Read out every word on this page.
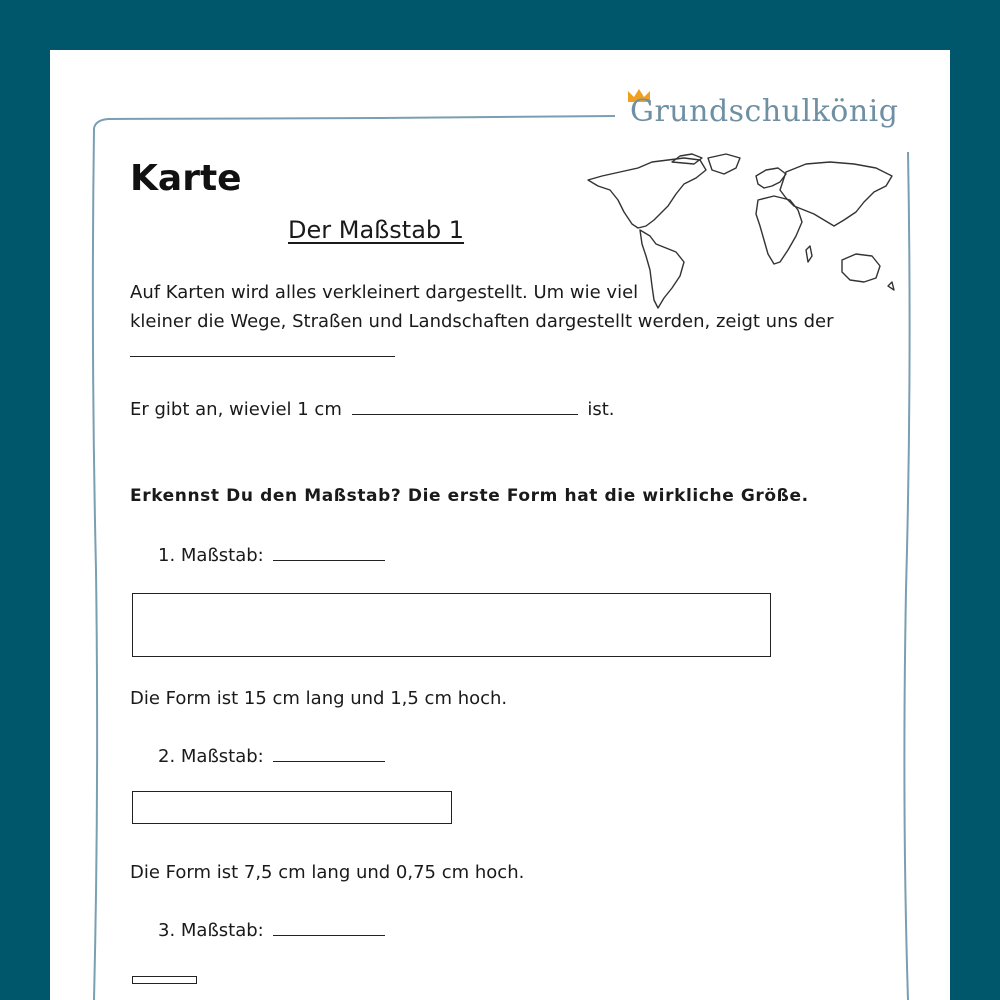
Grundschulkönig
Karte
Der Maßstab 1
Auf Karten wird alles verkleinert dargestellt. Um wie viel
kleiner die Wege, Straßen und Landschaften dargestellt werden, zeigt uns der
Er gibt an, wieviel 1 cm	ist.
Erkennst Du den Maßstab? Die erste Form hat die wirkliche Größe.
1. Maßstab:
Die Form ist 15 cm lang und 1,5 cm hoch.
2. Maßstab:
Die Form ist 7,5 cm lang und 0,75 cm hoch.
3. Maßstab:
